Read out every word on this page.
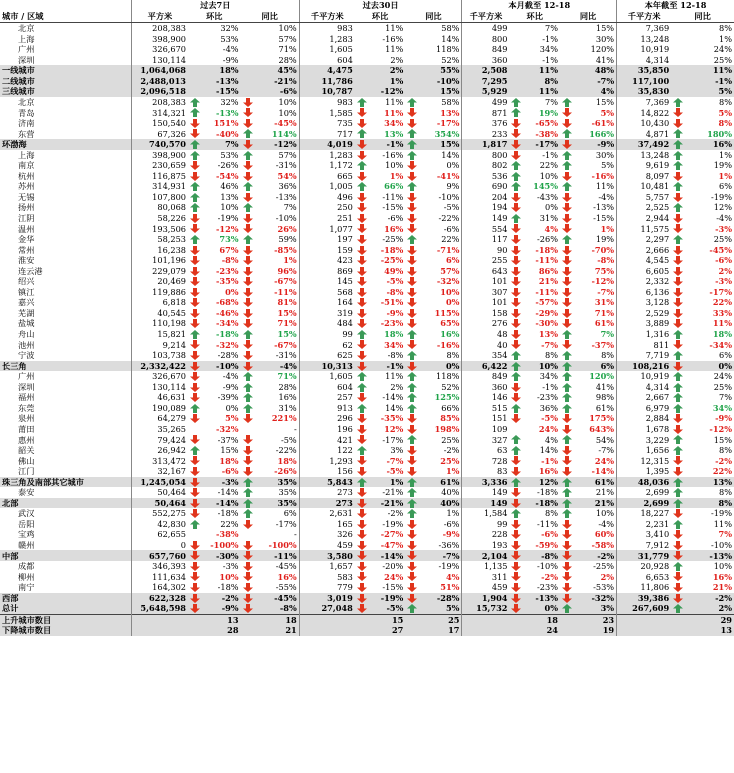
	过去7日					过去30日					本月截至 12-18					本年截至 12-18		
城市 / 区域	平方米	环比		同比		千平方米	环比		同比		千平方米	环比		同比		千平方米	同比	
北京	208,383		32%		10%	983		11%		58%	499		7%		15%	7,369		8%
上海	398,900		53%		57%	1,283		-16%		14%	800		-1%		30%	13,248		1%
广州	326,670		-4%		71%	1,605		11%		118%	849		34%		120%	10,919		24%
深圳	130,114		-9%		28%	604		2%		52%	360		-1%		41%	4,314		25%
一线城市	1,064,068		18%		45%	4,475		2%		55%	2,508		11%		48%	35,850		11%
二线城市	2,488,013		-13%		-21%	11,786		1%		-10%	7,295		8%		-7%	117,100		-1%
三线城市	2,096,518		-15%		-6%	10,787		-12%		15%	5,929		11%		4%	35,830		5%
北京	208,383		32%		10%	983		11%		58%	499		7%		15%	7,369		8%
青岛	314,321		-13%		10%	1,585		11%		13%	871		19%		5%	14,822		5%
济南	150,540		151%		-45%	735		34%		-17%	376		-65%		-61%	10,430		8%
东营	67,326		-40%		114%	717		13%		354%	233		-38%		166%	4,871		180%
环渤海	740,570		7%		-12%	4,019		-1%		15%	1,817		-17%		-9%	37,492		16%
上海	398,900		53%		57%	1,283		-16%		14%	800		-1%		30%	13,248		1%
南京	230,659		-26%		-31%	1,172		10%		0%	802		22%		5%	9,619		19%
杭州	116,875		-54%		54%	665		1%		-41%	536		10%		-16%	8,097		1%
苏州	314,931		46%		36%	1,005		66%		9%	690		145%		11%	10,481		6%
无锡	107,800		13%		-13%	496		-11%		-10%	204		-43%		-4%	5,757		-19%
扬州	80,068		10%		7%	250		-15%		-5%	194		0%		-13%	2,525		12%
江阴	58,226		-19%		-10%	251		-6%		-22%	149		31%		-15%	2,944		-4%
温州	193,506		-12%		26%	1,077		16%		-6%	554		4%		1%	11,575		-3%
金华	58,253		73%		59%	197		-25%		22%	117		-26%		19%	2,297		25%
常州	16,238		67%		-85%	159		-18%		-71%	90		-18%		-70%	2,666		-45%
淮安	101,196		-8%		1%	423		-25%		6%	255		-11%		-8%	4,545		-6%
连云港	229,079		-23%		96%	869		49%		57%	643		86%		75%	6,605		2%
绍兴	20,469		-35%		-67%	145		-5%		-32%	101		21%		-12%	2,332		-3%
镇江	119,886		0%		-11%	568		-8%		10%	307		-11%		-7%	6,136		-17%
嘉兴	6,818		-68%		81%	164		-51%		0%	101		-57%		31%	3,128		22%
芜湖	40,545		-46%		15%	319		-9%		115%	158		-29%		71%	2,529		33%
盐城	110,198		-34%		71%	484		-23%		65%	276		-30%		61%	3,889		11%
舟山	15,821		-18%		15%	99		18%		16%	48		13%		7%	1,316		18%
池州	9,214		-32%		-67%	62		34%		-16%	40		-7%		-37%	811		-34%
宁波	103,738		-28%		-31%	625		-8%		8%	354		8%		8%	7,719		6%
长三角	2,332,422		-10%		-4%	10,313		-1%		0%	6,422		10%		6%	108,216		0%
广州	326,670		-4%		71%	1,605		11%		118%	849		34%		120%	10,919		24%
深圳	130,114		-9%		28%	604		2%		52%	360		-1%		41%	4,314		25%
福州	46,631		-39%		16%	257		-14%		125%	146		-23%		98%	2,667		7%
东莞	190,089		0%		31%	913		14%		66%	515		36%		61%	6,979		34%
泉州	64,279		5%		221%	296		-35%		85%	151		-5%		175%	2,884		-9%
莆田	35,265		-32%		-	196		12%		198%	109		24%		643%	1,678		-12%
惠州	79,424		-37%		-5%	421		-17%		25%	327		4%		54%	3,229		15%
韶关	26,942		15%		-22%	122		3%		-2%	63		14%		-7%	1,656		8%
佛山	313,472		18%		18%	1,293		-7%		25%	728		-1%		24%	12,315		-2%
江门	32,167		-6%		-26%	156		-5%		1%	83		16%		-14%	1,395		22%
珠三角及南部其它城市	1,245,054		-3%		35%	5,843		1%		61%	3,336		12%		61%	48,036		13%
泰安	50,464		-14%		35%	273		-21%		40%	149		-18%		21%	2,699		8%
北部	50,464		-14%		35%	273		-21%		40%	149		-18%		21%	2,699		8%
武汉	552,275		-18%		6%	2,631		-2%		1%	1,584		8%		10%	18,227		-19%
岳阳	42,830		22%		-17%	165		-19%		-6%	99		-11%		-4%	2,231		11%
宝鸡	62,655		-38%		-	326		-27%		-9%	228		-6%		60%	3,410		7%
赣州	0		-100%		-100%	459		-47%		-36%	193		-59%		-58%	7,912		-10%
中部	657,760		-30%		-11%	3,580		-14%		-7%	2,104		-8%		-2%	31,779		-13%
成都	346,393		-3%		-45%	1,657		-20%		-19%	1,135		-10%		-25%	20,928		10%
柳州	111,634		10%		16%	583		24%		4%	311		-2%		2%	6,653		16%
南宁	164,302		-18%		-55%	779		-15%		51%	459		-23%		-53%	11,806		21%
西部	622,328		-2%		-45%	3,019		-19%		-28%	1,904		-13%		-32%	39,386		-2%
总计	5,648,598		-9%		-8%	27,048		-5%		5%	15,732		0%		3%	267,609		2%
上升城市数目			13		18			15		25			18		23			29
下降城市数目			28		21			27		17			24		19			13
